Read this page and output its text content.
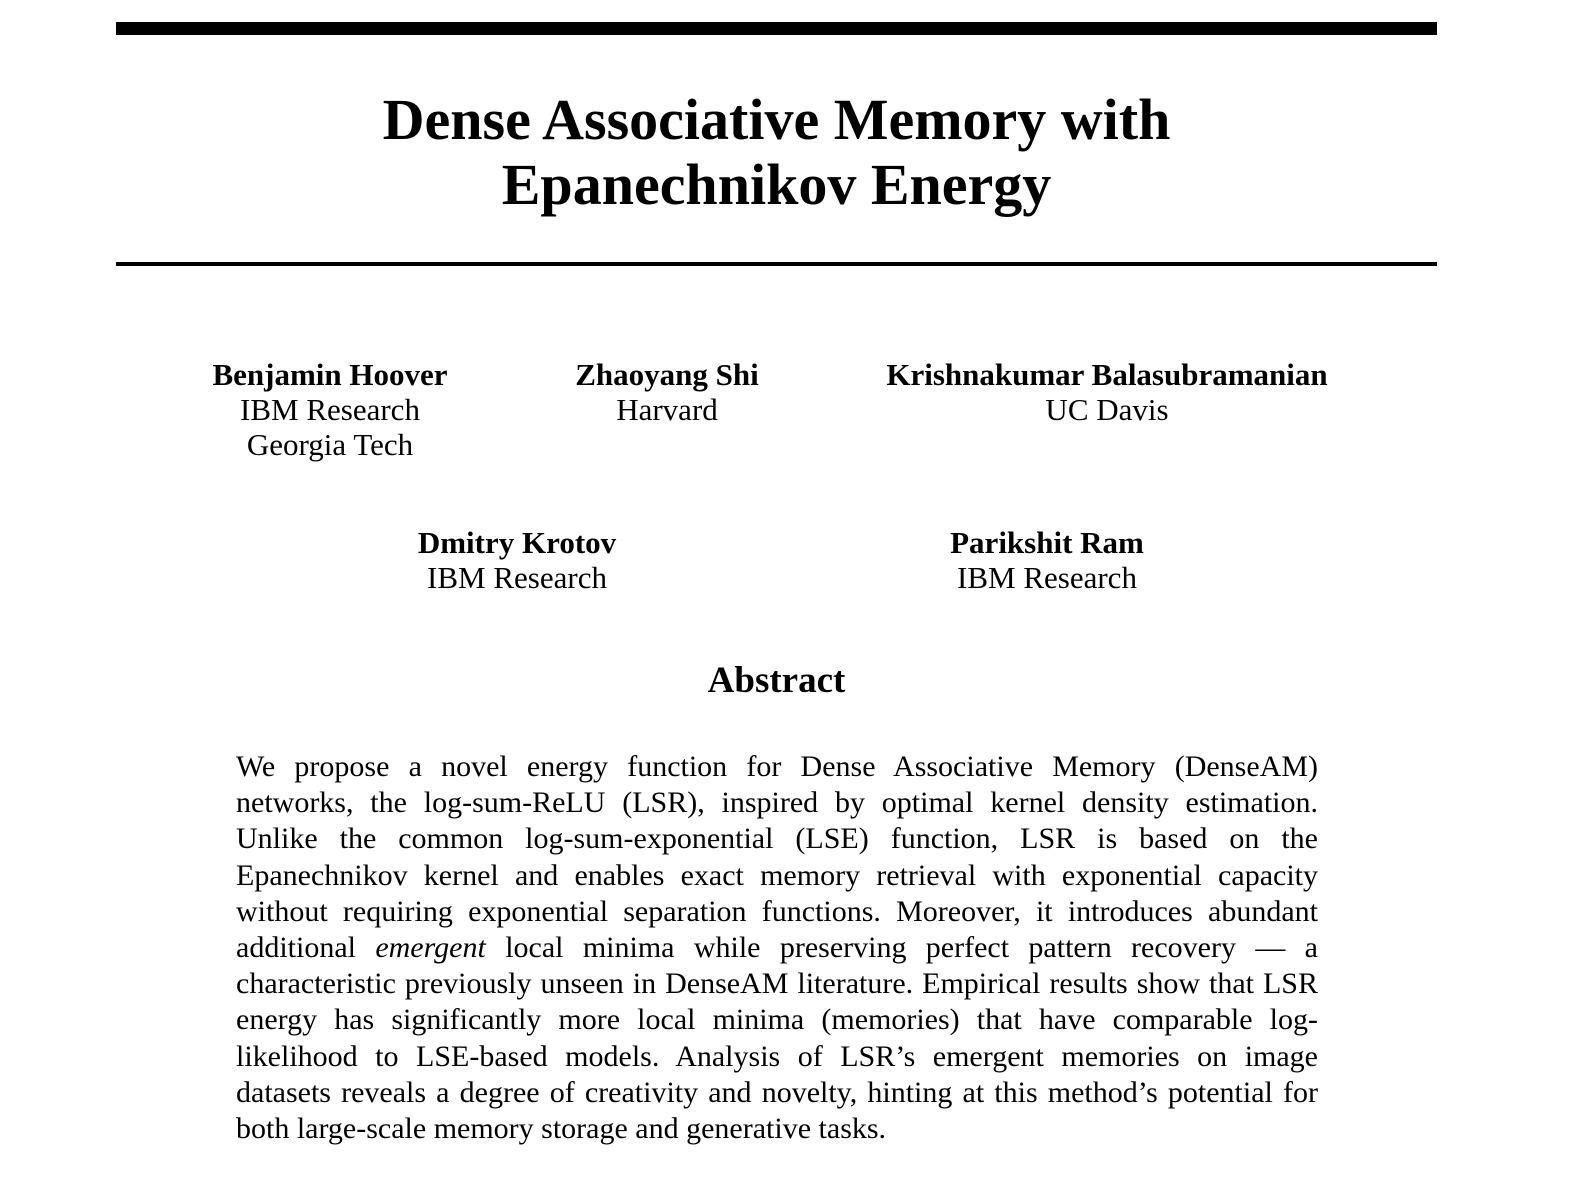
Dense Associative Memory with
Epanechnikov Energy
Benjamin Hoover
IBM Research
Georgia Tech
Zhaoyang Shi
Harvard
Krishnakumar Balasubramanian
UC Davis
Dmitry Krotov
IBM Research
Parikshit Ram
IBM Research
Abstract

We propose a novel energy function for Dense Associative Memory (DenseAM) networks, the log-sum-ReLU (LSR), inspired by optimal kernel density estimation. Unlike the common log-sum-exponential (LSE) function, LSR is based on the Epanechnikov kernel and enables exact memory retrieval with exponential capacity without requiring exponential separation functions. Moreover, it introduces abundant additional emergent local minima while preserving perfect pattern recovery — a characteristic previously unseen in DenseAM literature. Empirical results show that LSR energy has significantly more local minima (memories) that have comparable log-likelihood to LSE-based models. Analysis of LSR’s emergent memories on image datasets reveals a degree of creativity and novelty, hinting at this method’s potential for both large-scale memory storage and generative tasks.
